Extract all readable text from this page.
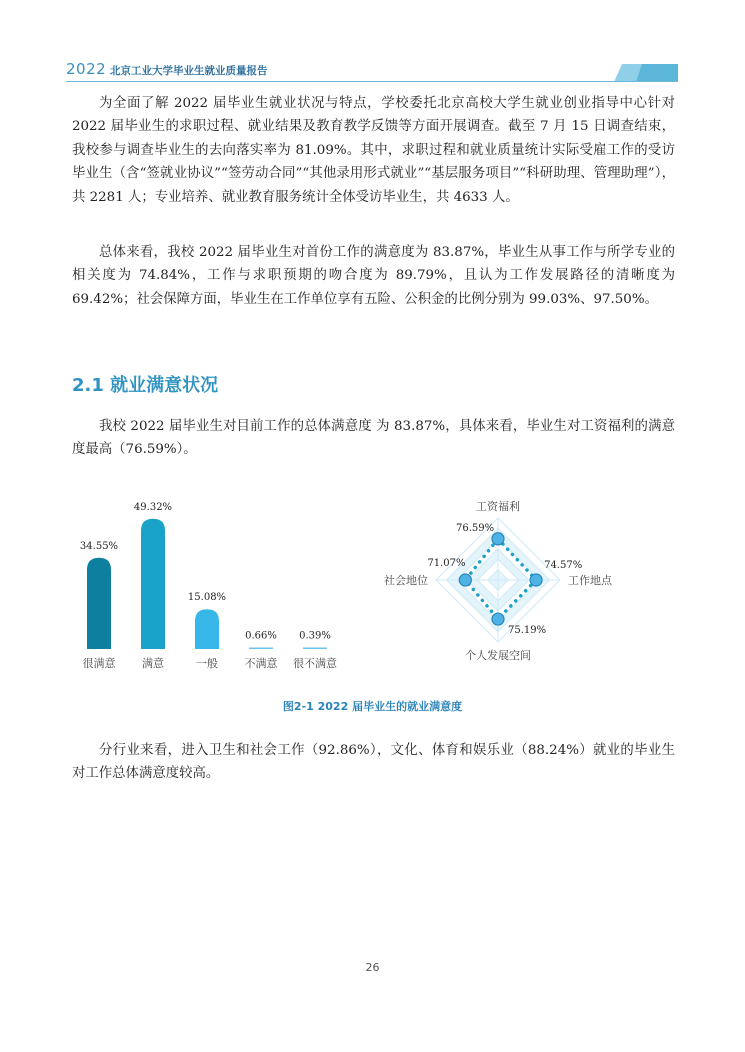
2022 北京工业大学毕业生就业质量报告

为全面了解 2022 届毕业生就业状况与特点，学校委托北京高校大学生就业创业指导中心针对 2022 届毕业生的求职过程、就业结果及教育教学反馈等方面开展调查。截至 7 月 15 日调查结束，我校参与调查毕业生的去向落实率为 81.09%。其中，求职过程和就业质量统计实际受雇工作的受访毕业生（含“签就业协议”“签劳动合同”“其他录用形式就业”“基层服务项目”“科研助理、管理助理”），共 2281 人；专业培养、就业教育服务统计全体受访毕业生，共 4633 人。

总体来看，我校 2022 届毕业生对首份工作的满意度为 83.87%，毕业生从事工作与所学专业的相关度为 74.84%，工作与求职预期的吻合度为 89.79%，且认为工作发展路径的清晰度为 69.42%；社会保障方面，毕业生在工作单位享有五险、公积金的比例分别为 99.03%、97.50%。

2.1 就业满意状况

我校 2022 届毕业生对目前工作的总体满意度 为 83.87%，具体来看，毕业生对工资福利的满意度最高（76.59%）。

34.55%
很满意
49.32%
满意
15.08%
一般
0.66%
不满意
0.39%
很不满意
76.59%
74.57%
75.19%
71.07%
工资福利
工作地点
个人发展空间
社会地位
图2-1 2022 届毕业生的就业满意度

分行业来看，进入卫生和社会工作（92.86%），文化、体育和娱乐业（88.24%）就业的毕业生对工作总体满意度较高。

26
